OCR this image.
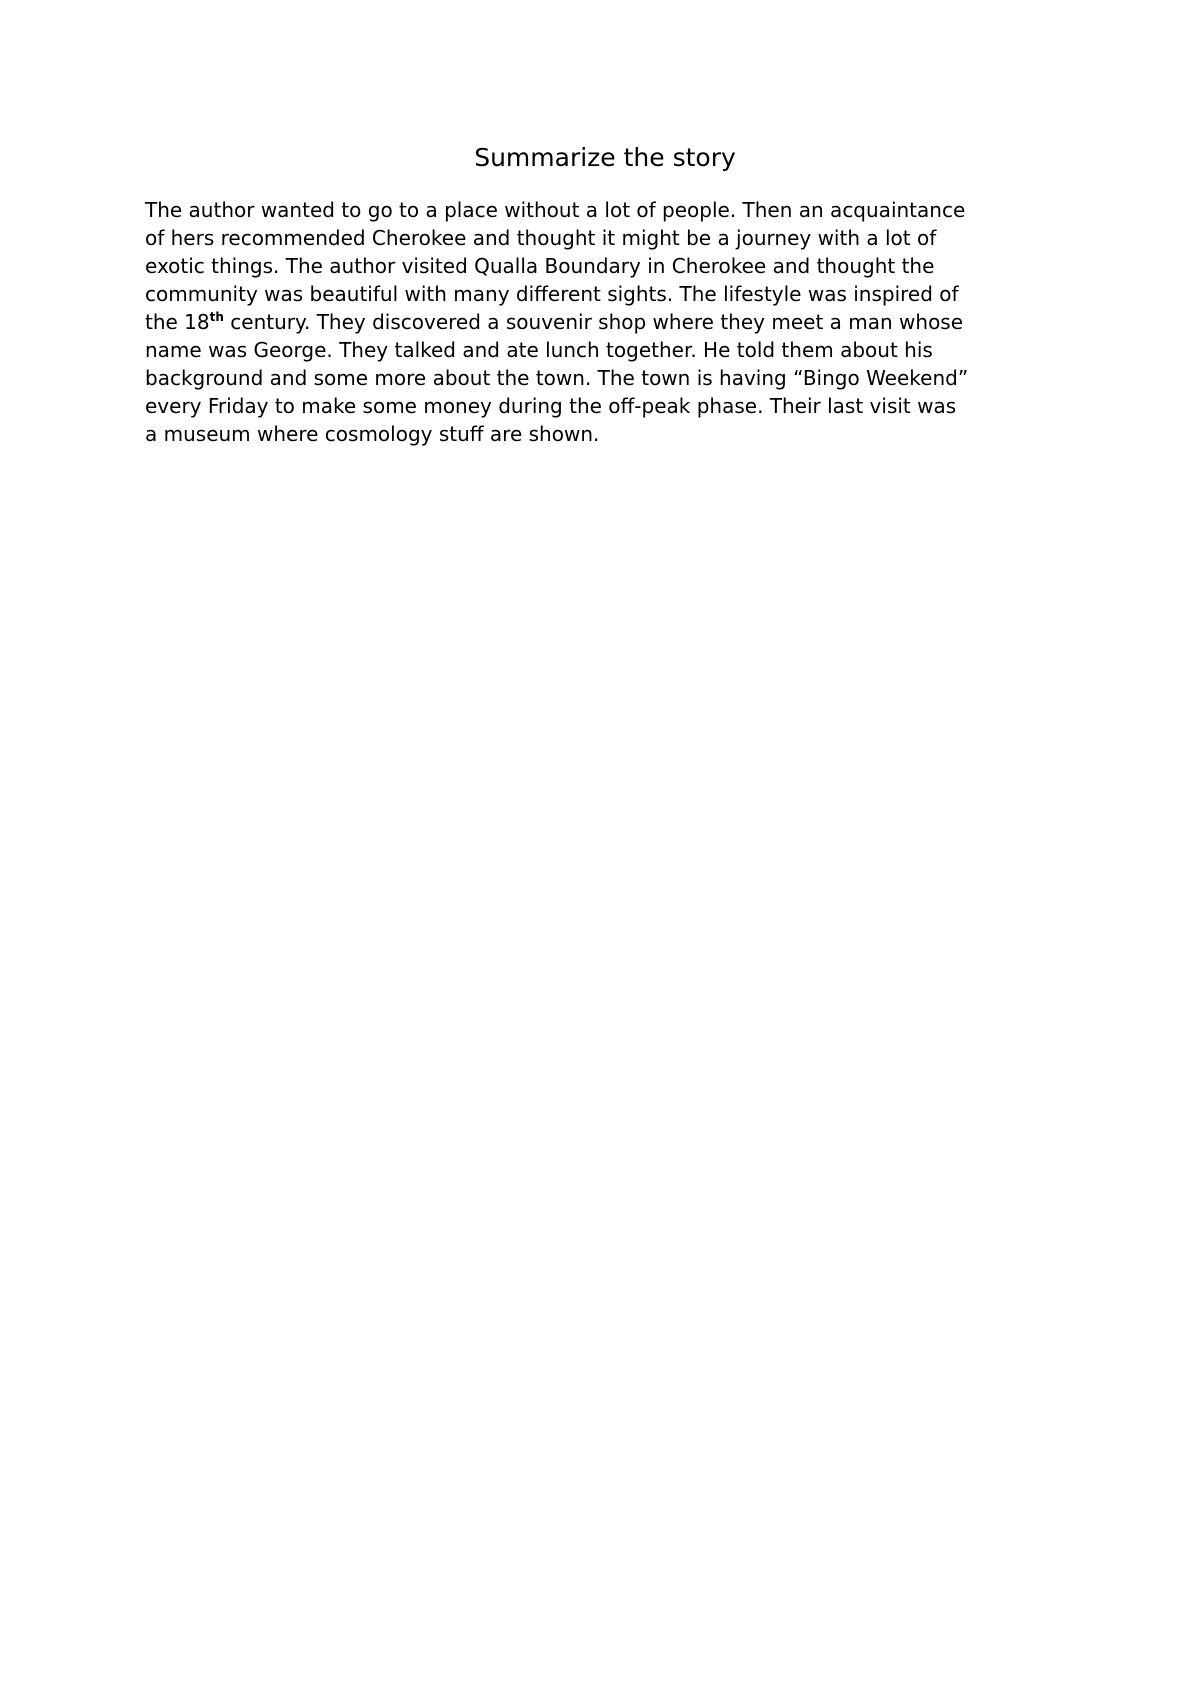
Summarize the story
The author wanted to go to a place without a lot of people. Then an acquaintance
of hers recommended Cherokee and thought it might be a journey with a lot of
exotic things. The author visited Qualla Boundary in Cherokee and thought the
community was beautiful with many different sights. The lifestyle was inspired of
the 18th century. They discovered a souvenir shop where they meet a man whose
name was George. They talked and ate lunch together. He told them about his
background and some more about the town. The town is having “Bingo Weekend”
every Friday to make some money during the off-peak phase. Their last visit was
a museum where cosmology stuff are shown.
